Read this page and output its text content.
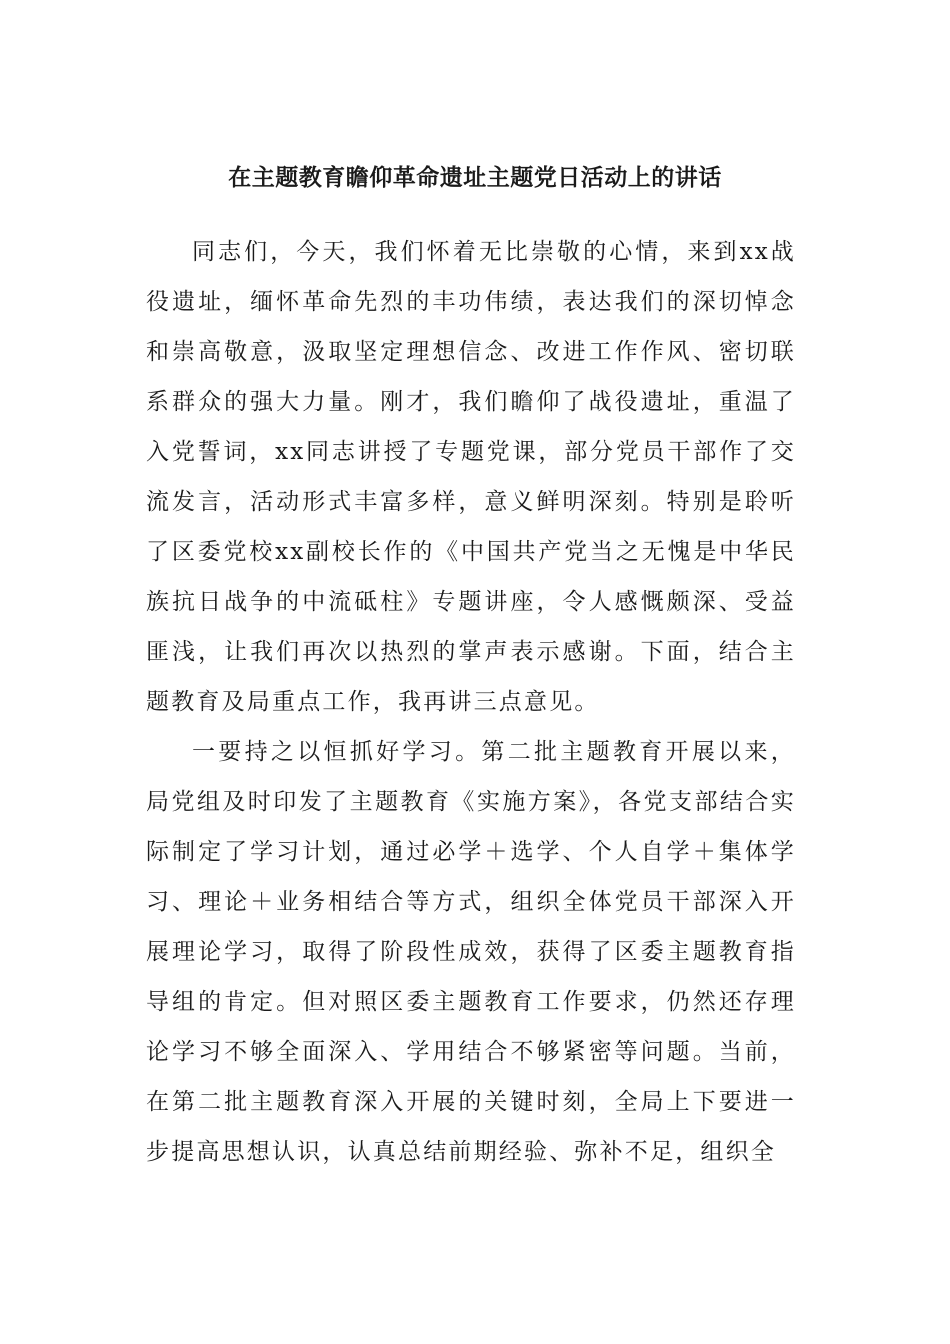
在主题教育瞻仰革命遗址主题党日活动上的讲话

同志们，今天，我们怀着无比崇敬的心情，来到xx战役遗址，缅怀革命先烈的丰功伟绩，表达我们的深切悼念和崇高敬意，汲取坚定理想信念、改进工作作风、密切联系群众的强大力量。刚才，我们瞻仰了战役遗址，重温了入党誓词，xx同志讲授了专题党课，部分党员干部作了交流发言，活动形式丰富多样，意义鲜明深刻。特别是聆听了区委党校xx副校长作的《中国共产党当之无愧是中华民族抗日战争的中流砥柱》专题讲座，令人感慨颇深、受益匪浅，让我们再次以热烈的掌声表示感谢。下面，结合主题教育及局重点工作，我再讲三点意见。

一要持之以恒抓好学习。第二批主题教育开展以来，局党组及时印发了主题教育《实施方案》，各党支部结合实际制定了学习计划，通过必学＋选学、个人自学＋集体学习、理论＋业务相结合等方式，组织全体党员干部深入开展理论学习，取得了阶段性成效，获得了区委主题教育指导组的肯定。但对照区委主题教育工作要求，仍然还存理论学习不够全面深入、学用结合不够紧密等问题。当前，在第二批主题教育深入开展的关键时刻，全局上下要进一步提高思想认识，认真总结前期经验、弥补不足，组织全
